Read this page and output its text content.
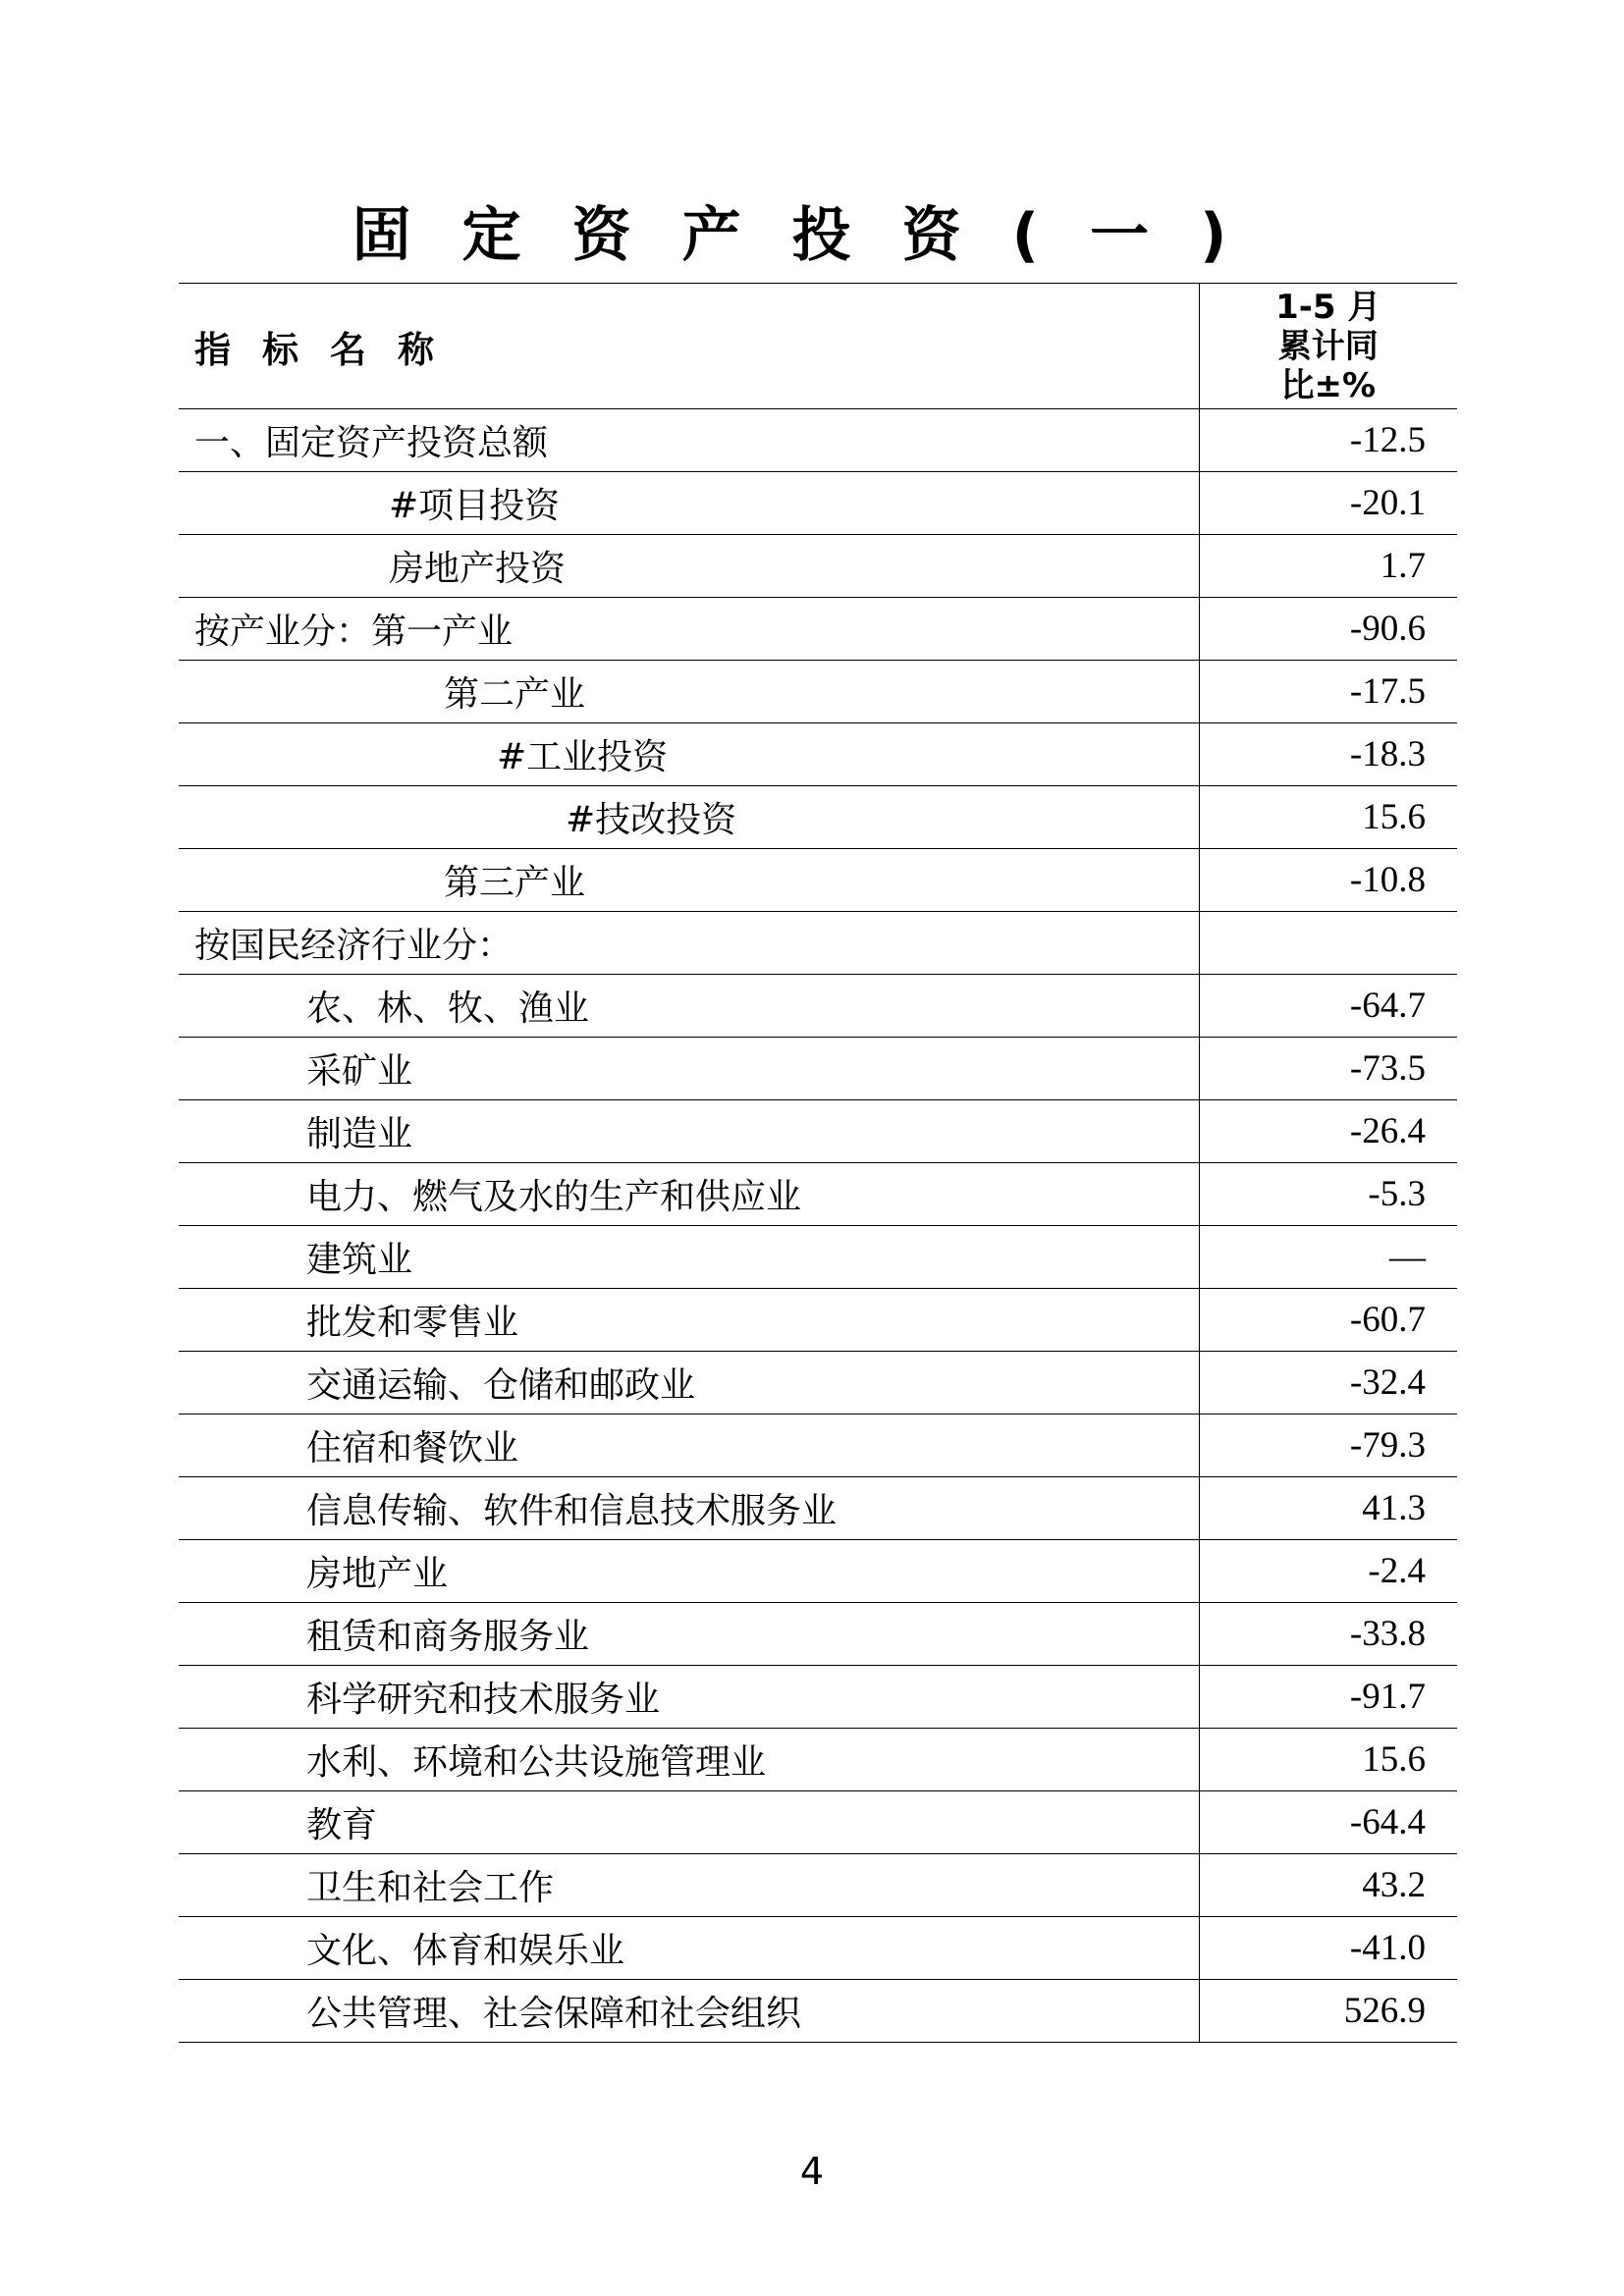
固定资产投资(一)
指标名称	1-5 月
累计同
比±%

一、固定资产投资总额	-12.5
#项目投资	-20.1
房地产投资	1.7
按产业分：第一产业	-90.6
第二产业	-17.5
#工业投资	-18.3
#技改投资	15.6
第三产业	-10.8
按国民经济行业分：	
农、林、牧、渔业	-64.7
采矿业	-73.5
制造业	-26.4
电力、燃气及水的生产和供应业	-5.3
建筑业	—
批发和零售业	-60.7
交通运输、仓储和邮政业	-32.4
住宿和餐饮业	-79.3
信息传输、软件和信息技术服务业	41.3
房地产业	-2.4
租赁和商务服务业	-33.8
科学研究和技术服务业	-91.7
水利、环境和公共设施管理业	15.6
教育	-64.4
卫生和社会工作	43.2
文化、体育和娱乐业	-41.0
公共管理、社会保障和社会组织	526.9
4
